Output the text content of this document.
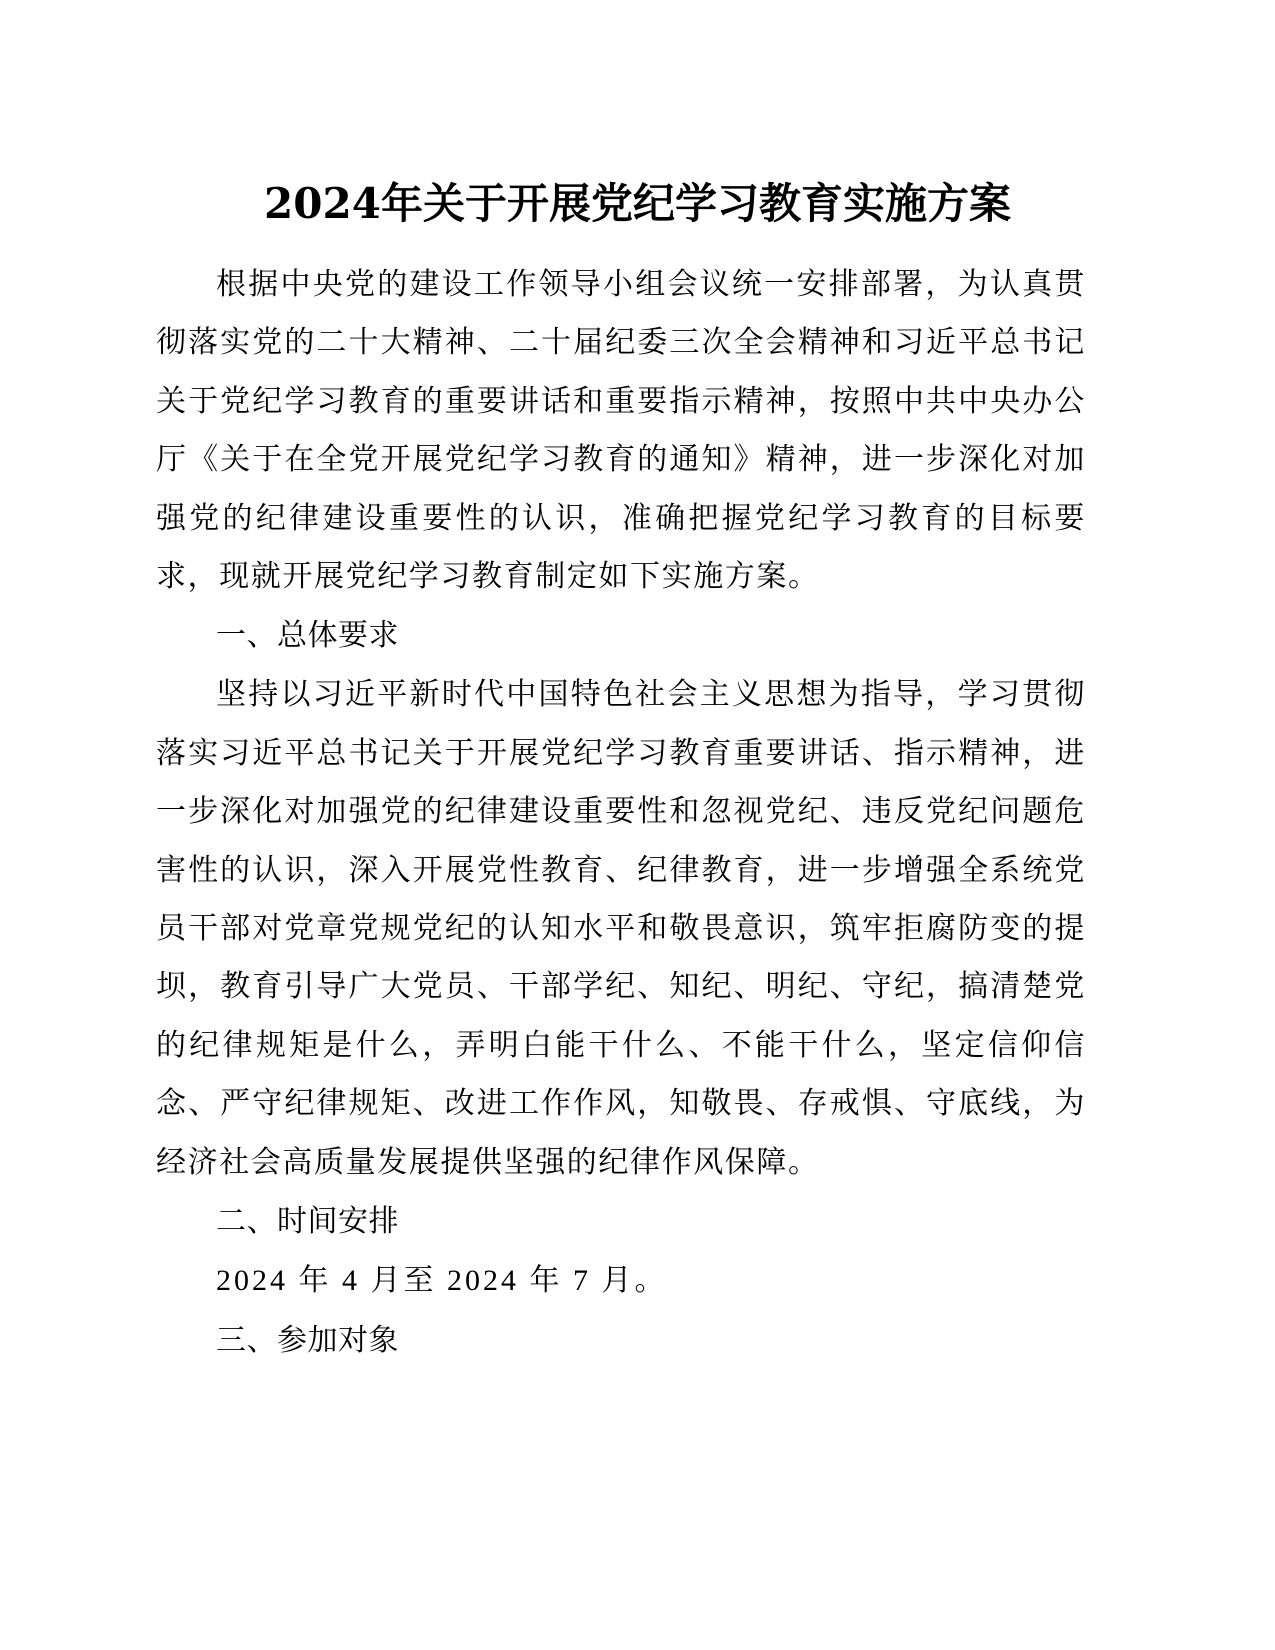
2024年关于开展党纪学习教育实施方案

根据中央党的建设工作领导小组会议统一安排部署，为认真贯彻落实党的二十大精神、二十届纪委三次全会精神和习近平总书记关于党纪学习教育的重要讲话和重要指示精神，按照中共中央办公厅《关于在全党开展党纪学习教育的通知》精神，进一步深化对加强党的纪律建设重要性的认识，准确把握党纪学习教育的目标要求，现就开展党纪学习教育制定如下实施方案。

一、总体要求

坚持以习近平新时代中国特色社会主义思想为指导，学习贯彻落实习近平总书记关于开展党纪学习教育重要讲话、指示精神，进一步深化对加强党的纪律建设重要性和忽视党纪、违反党纪问题危害性的认识，深入开展党性教育、纪律教育，进一步增强全系统党员干部对党章党规党纪的认知水平和敬畏意识，筑牢拒腐防变的提坝，教育引导广大党员、干部学纪、知纪、明纪、守纪，搞清楚党的纪律规矩是什么，弄明白能干什么、不能干什么，坚定信仰信念、严守纪律规矩、改进工作作风，知敬畏、存戒惧、守底线，为经济社会高质量发展提供坚强的纪律作风保障。

二、时间安排

2024 年 4 月至 2024 年 7 月。

三、参加对象
